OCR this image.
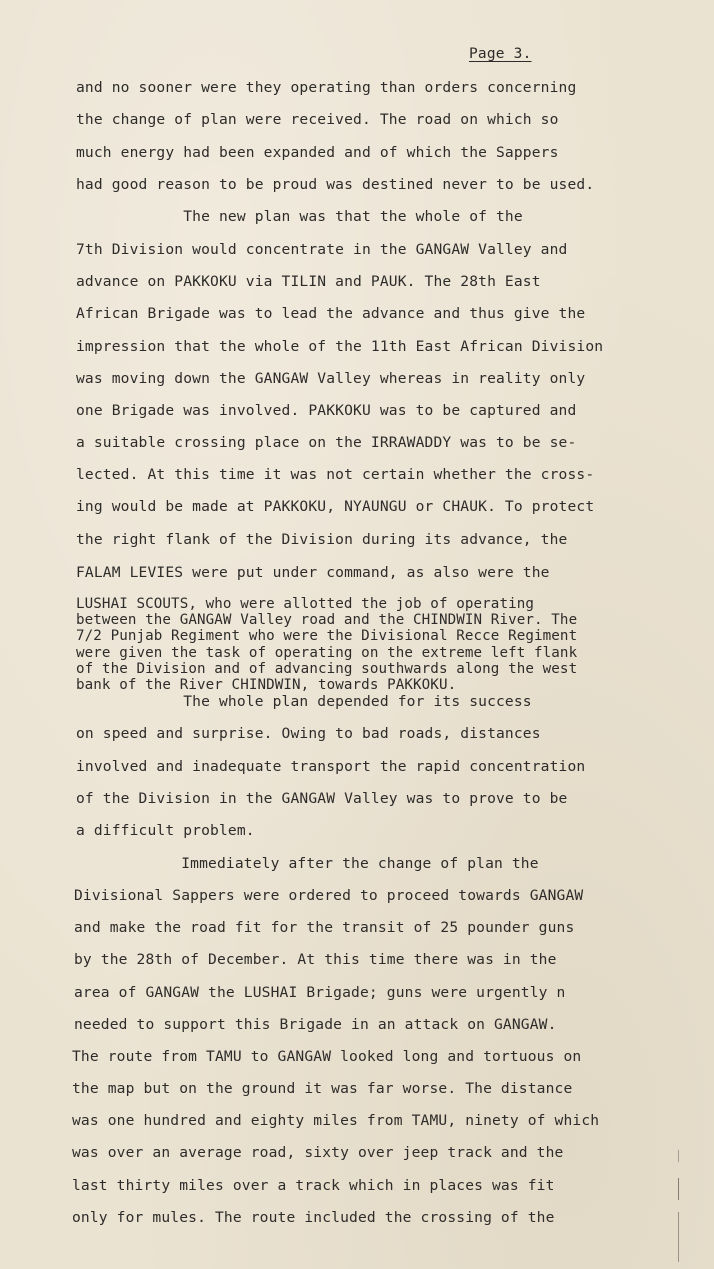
Page 3.
and no sooner were they operating than orders concerning
the change of plan were received. The road on which so
much energy had been expanded and of which the Sappers
had good reason to be proud was destined never to be used.
The new plan was that the whole of the
7th Division would concentrate in the GANGAW Valley and
advance on PAKKOKU via TILIN and PAUK. The 28th East
African Brigade was to lead the advance and thus give the
impression that the whole of the 11th East African Division
was moving down the GANGAW Valley whereas in reality only
one Brigade was involved. PAKKOKU was to be captured and
a suitable crossing place on the IRRAWADDY was to be se-
lected. At this time it was not certain whether the cross-
ing would be made at PAKKOKU, NYAUNGU or CHAUK. To protect
the right flank of the Division during its advance, the
FALAM LEVIES were put under command, as also were the
LUSHAI SCOUTS, who were allotted the job of operating
between the GANGAW Valley road and the CHINDWIN River. The
7/2 Punjab Regiment who were the Divisional Recce Regiment
were given the task of operating on the extreme left flank
of the Division and of advancing southwards along the west
bank of the River CHINDWIN, towards PAKKOKU.
The whole plan depended for its success
on speed and surprise. Owing to bad roads, distances
involved and inadequate transport the rapid concentration
of the Division in the GANGAW Valley was to prove to be
a difficult problem.
Immediately after the change of plan the
Divisional Sappers were ordered to proceed towards GANGAW
and make the road fit for the transit of 25 pounder guns
by the 28th of December. At this time there was in the
area of GANGAW the LUSHAI Brigade; guns were urgently n
needed to support this Brigade in an attack on GANGAW.
The route from TAMU to GANGAW looked long and tortuous on
the map but on the ground it was far worse. The distance
was one hundred and eighty miles from TAMU, ninety of which
was over an average road, sixty over jeep track and the
last thirty miles over a track which in places was fit
only for mules. The route included the crossing of the
